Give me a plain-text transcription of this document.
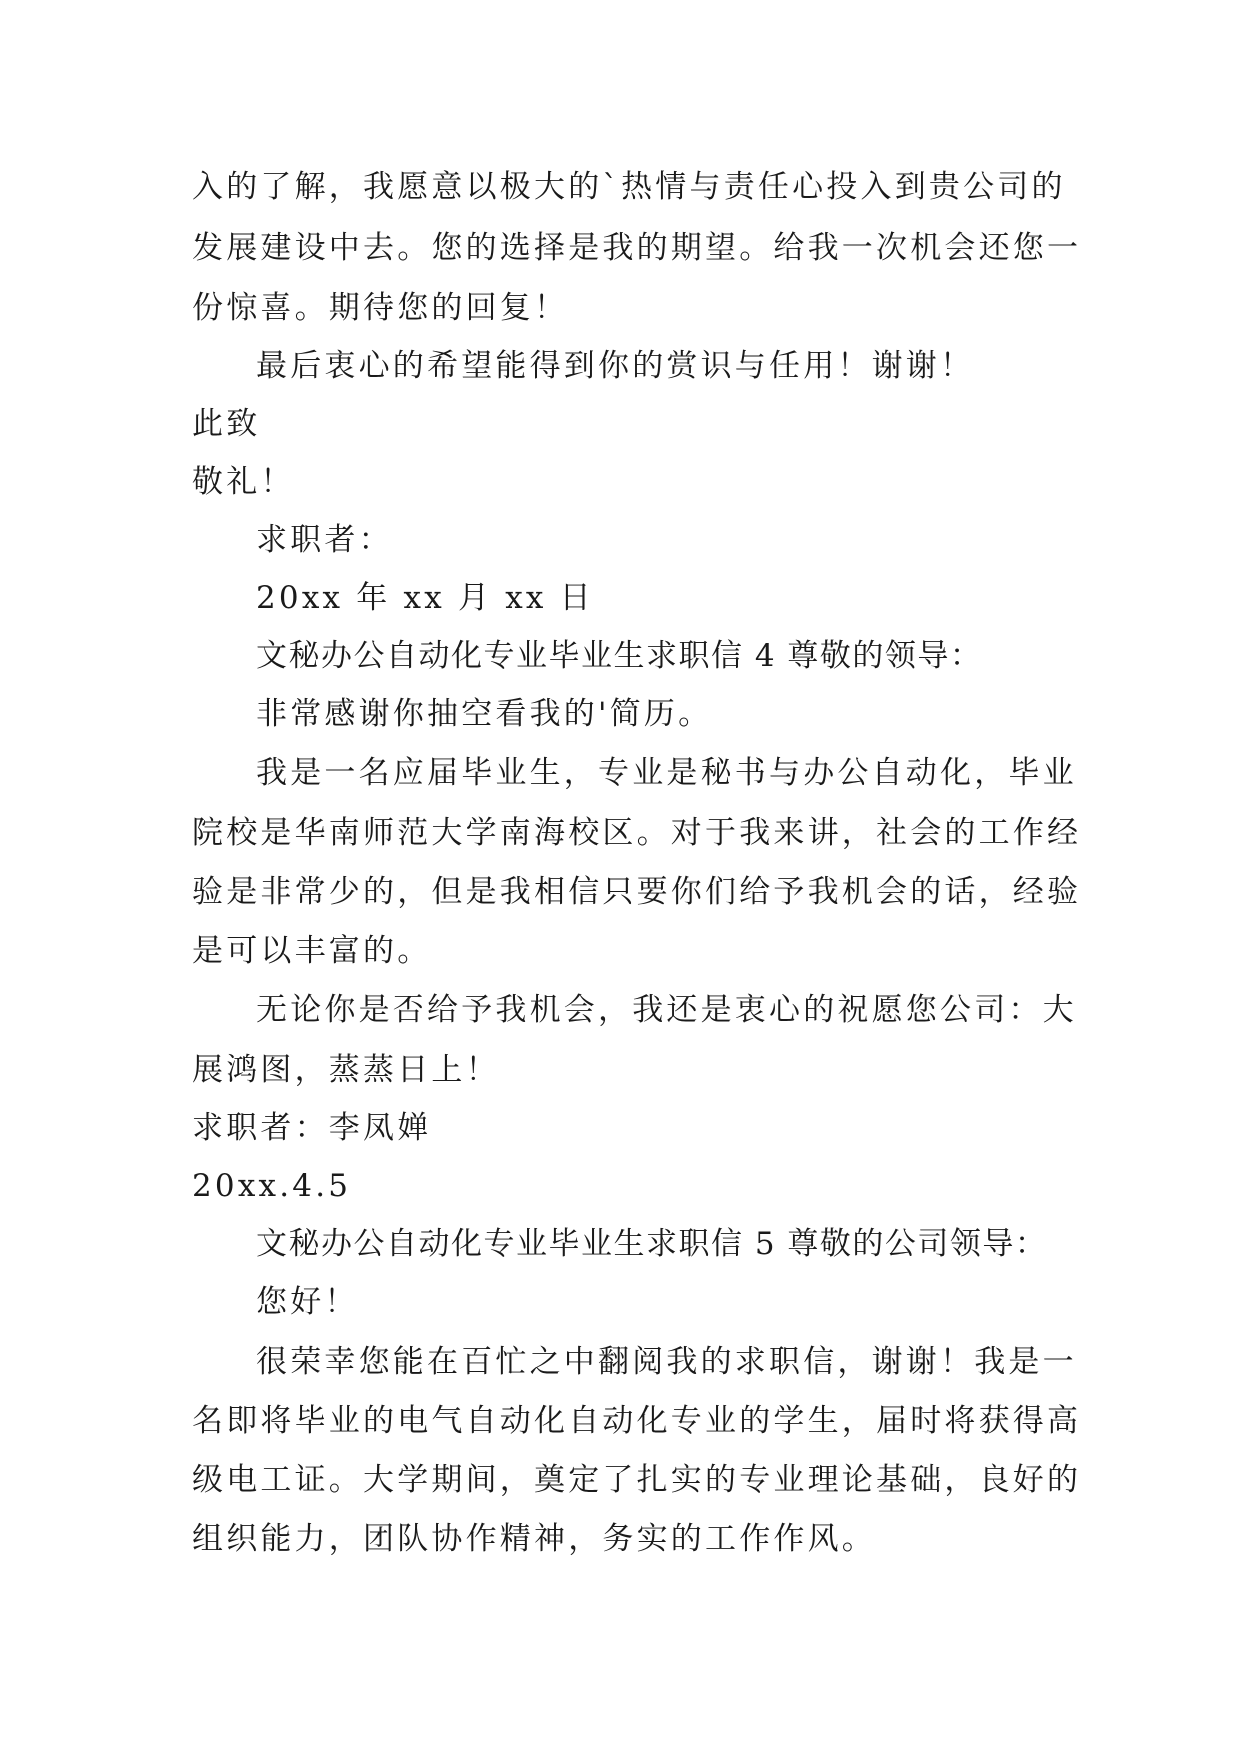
入的了解，我愿意以极大的`热情与责任心投入到贵公司的
发展建设中去。您的选择是我的期望。给我一次机会还您一
份惊喜。期待您的回复！
最后衷心的希望能得到你的赏识与任用！谢谢！
此致
敬礼！
求职者：
20xx 年 xx 月 xx 日
文秘办公自动化专业毕业生求职信 4 尊敬的领导：
非常感谢你抽空看我的'简历。
我是一名应届毕业生，专业是秘书与办公自动化，毕业
院校是华南师范大学南海校区。对于我来讲，社会的工作经
验是非常少的，但是我相信只要你们给予我机会的话，经验
是可以丰富的。
无论你是否给予我机会，我还是衷心的祝愿您公司：大
展鸿图，蒸蒸日上！
求职者：李凤婵
20xx.4.5
文秘办公自动化专业毕业生求职信 5 尊敬的公司领导：
您好！
很荣幸您能在百忙之中翻阅我的求职信，谢谢！我是一
名即将毕业的电气自动化自动化专业的学生，届时将获得高
级电工证。大学期间，奠定了扎实的专业理论基础，良好的
组织能力，团队协作精神，务实的工作作风。
